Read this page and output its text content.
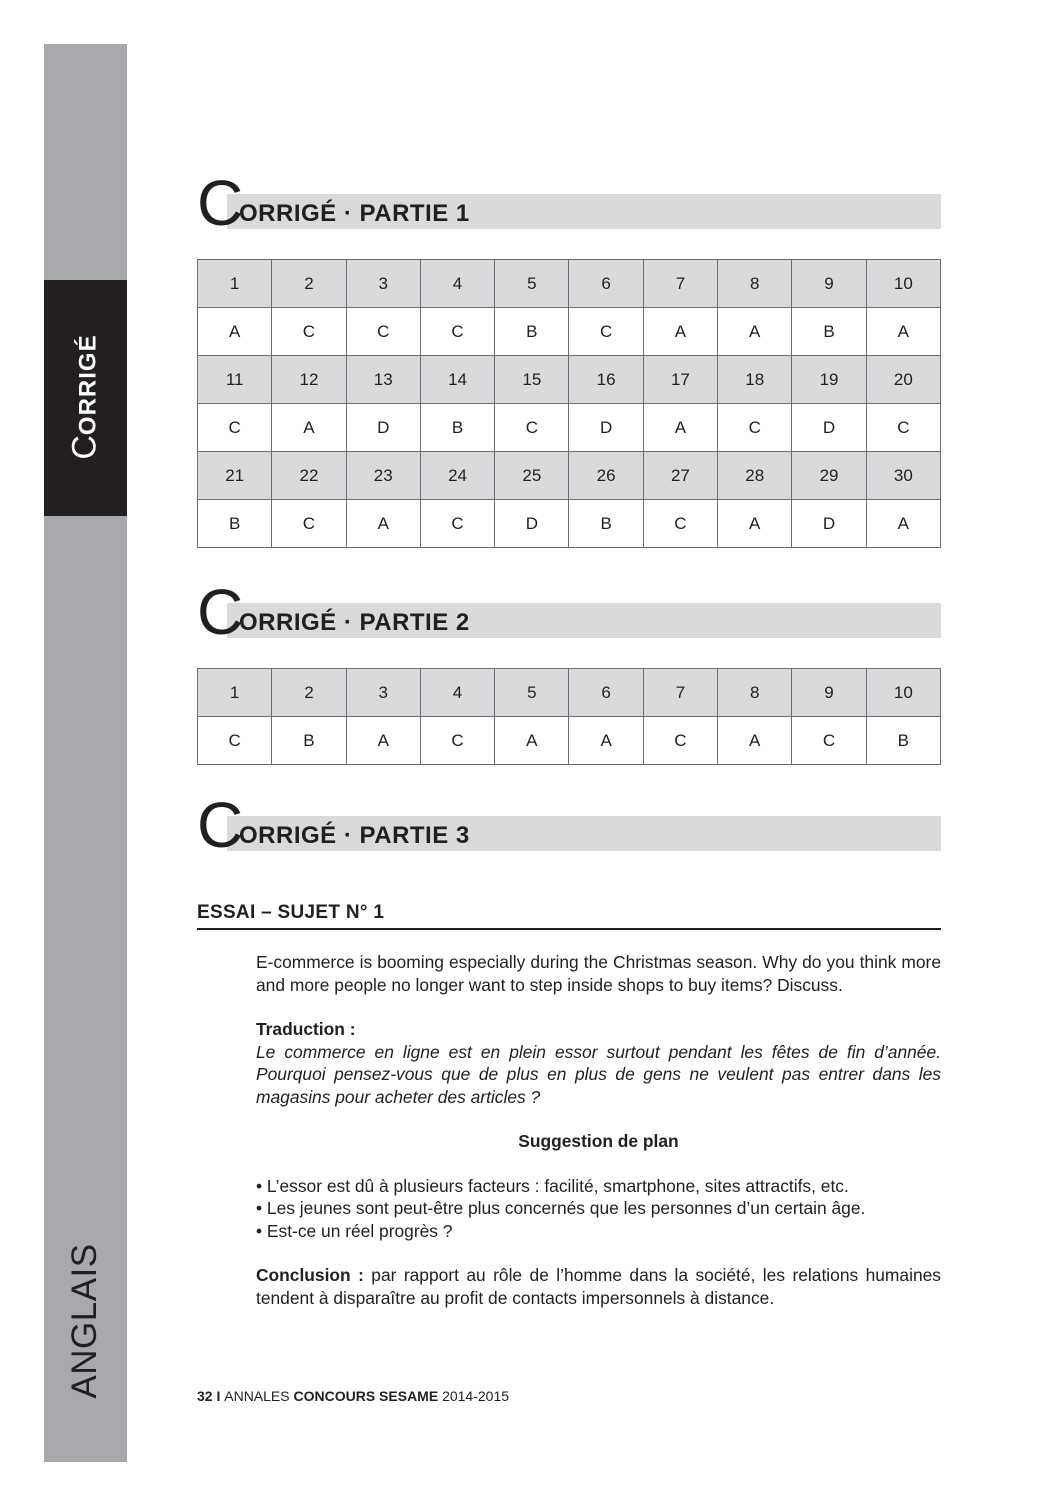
CORRIGÉ
ANGLAIS
C
ORRIGÉ · PARTIE 1
1	2	3	4	5	6	7	8	9	10
A	C	C	C	B	C	A	A	B	A
11	12	13	14	15	16	17	18	19	20
C	A	D	B	C	D	A	C	D	C
21	22	23	24	25	26	27	28	29	30
B	C	A	C	D	B	C	A	D	A
C
ORRIGÉ · PARTIE 2
1	2	3	4	5	6	7	8	9	10
C	B	A	C	A	A	C	A	C	B
C
ORRIGÉ · PARTIE 3
ESSAI – SUJET N° 1

E-commerce is booming especially during the Christmas season. Why do you think more and more people no longer want to step inside shops to buy items? Discuss.

Traduction :

Le commerce en ligne est en plein essor surtout pendant les fêtes de fin d’année. Pourquoi pensez-vous que de plus en plus de gens ne veulent pas entrer dans les magasins pour acheter des articles ?

Suggestion de plan

• L’essor est dû à plusieurs facteurs : facilité, smartphone, sites attractifs, etc.
• Les jeunes sont peut-être plus concernés que les personnes d’un certain âge.
• Est-ce un réel progrès ?

Conclusion : par rapport au rôle de l’homme dans la société, les relations humaines tendent à disparaître au profit de contacts impersonnels à distance.

32 I ANNALES CONCOURS SESAME 2014-2015
